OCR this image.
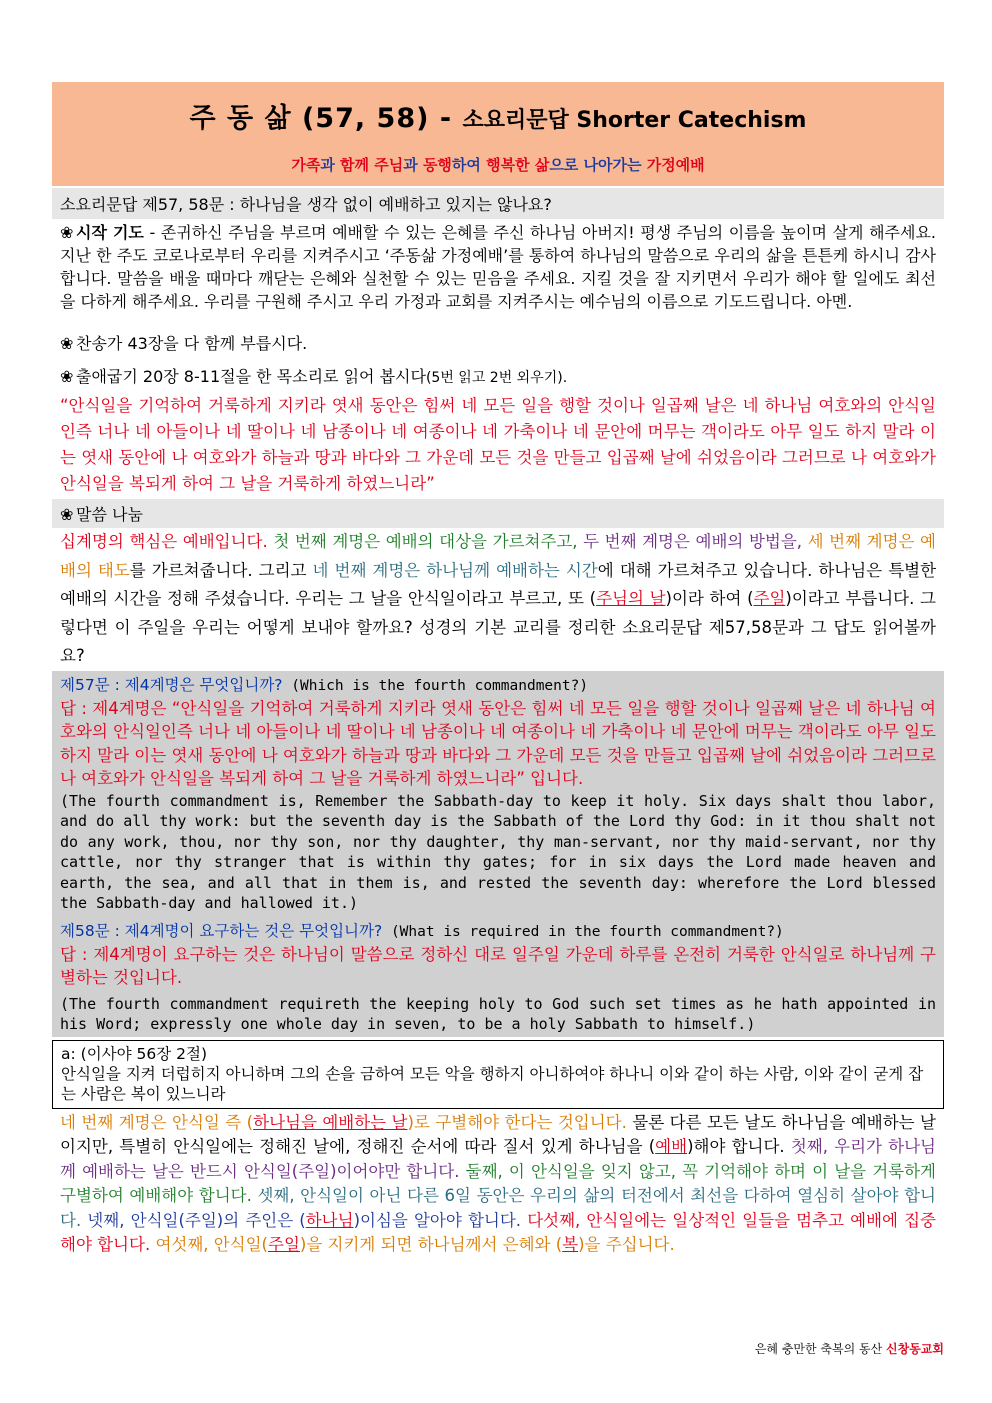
주 동 삶 (57, 58) - 소요리문답 Shorter Catechism
가족과 함께 주님과 동행하여 행복한 삶으로 나아가는 가정예배
소요리문답 제57, 58문 : 하나님을 생각 없이 예배하고 있지는 않나요?
❀ 시작 기도 - 존귀하신 주님을 부르며 예배할 수 있는 은혜를 주신 하나님 아버지! 평생 주님의 이름을 높이며 살게 해주세요. 지난 한 주도 코로나로부터 우리를 지켜주시고 ‘주동삶 가정예배’를 통하여 하나님의 말씀으로 우리의 삶을 튼튼케 하시니 감사합니다. 말씀을 배울 때마다 깨닫는 은혜와 실천할 수 있는 믿음을 주세요. 지킬 것을 잘 지키면서 우리가 해야 할 일에도 최선을 다하게 해주세요. 우리를 구원해 주시고 우리 가정과 교회를 지켜주시는 예수님의 이름으로 기도드립니다. 아멘.
❀ 찬송가 43장을 다 함께 부릅시다.
❀ 출애굽기 20장 8-11절을 한 목소리로 읽어 봅시다(5번 읽고 2번 외우기).
“안식일을 기억하여 거룩하게 지키라 엿새 동안은 힘써 네 모든 일을 행할 것이나 일곱째 날은 네 하나님 여호와의 안식일인즉 너나 네 아들이나 네 딸이나 네 남종이나 네 여종이나 네 가축이나 네 문안에 머무는 객이라도 아무 일도 하지 말라 이는 엿새 동안에 나 여호와가 하늘과 땅과 바다와 그 가운데 모든 것을 만들고 입곱째 날에 쉬었음이라 그러므로 나 여호와가 안식일을 복되게 하여 그 날을 거룩하게 하였느니라”
❀ 말씀 나눔
십계명의 핵심은 예배입니다. 첫 번째 계명은 예배의 대상을 가르쳐주고, 두 번째 계명은 예배의 방법을, 세 번째 계명은 예배의 태도를 가르쳐줍니다. 그리고 네 번째 계명은 하나님께 예배하는 시간에 대해 가르쳐주고 있습니다. 하나님은 특별한 예배의 시간을 정해 주셨습니다. 우리는 그 날을 안식일이라고 부르고, 또 (주님의 날)이라 하여 (주일)이라고 부릅니다. 그렇다면 이 주일을 우리는 어떻게 보내야 할까요? 성경의 기본 교리를 정리한 소요리문답 제57,58문과 그 답도 읽어볼까요?
제57문 : 제4계명은 무엇입니까? (Which is the fourth commandment?)
답 : 제4계명은 “안식일을 기억하여 거룩하게 지키라 엿새 동안은 힘써 네 모든 일을 행할 것이나 일곱째 날은 네 하나님 여호와의 안식일인즉 너나 네 아들이나 네 딸이나 네 남종이나 네 여종이나 네 가축이나 네 문안에 머무는 객이라도 아무 일도 하지 말라 이는 엿새 동안에 나 여호와가 하늘과 땅과 바다와 그 가운데 모든 것을 만들고 입곱째 날에 쉬었음이라 그러므로 나 여호와가 안식일을 복되게 하여 그 날을 거룩하게 하였느니라” 입니다.
(The fourth commandment is, Remember the Sabbath-day to keep it holy. Six days shalt thou labor, and do all thy work: but the seventh day is the Sabbath of the Lord thy God: in it thou shalt not do any work, thou, nor thy son, nor thy daughter, thy man-servant, nor thy maid-servant, nor thy cattle, nor thy stranger that is within thy gates; for in six days the Lord made heaven and earth, the sea, and all that in them is, and rested the seventh day: wherefore the Lord blessed the Sabbath-day and hallowed it.)
제58문 : 제4계명이 요구하는 것은 무엇입니까? (What is required in the fourth commandment?)
답 : 제4계명이 요구하는 것은 하나님이 말씀으로 정하신 대로 일주일 가운데 하루를 온전히 거룩한 안식일로 하나님께 구별하는 것입니다.
(The fourth commandment requireth the keeping holy to God such set times as he hath appointed in his Word; expressly one whole day in seven, to be a holy Sabbath to himself.)
a: (이사야 56장 2절)
안식일을 지켜 더럽히지 아니하며 그의 손을 금하여 모든 악을 행하지 아니하여야 하나니 이와 같이 하는 사람, 이와 같이 굳게 잡는 사람은 복이 있느니라
네 번째 계명은 안식일 즉 (하나님을 예배하는 날)로 구별해야 한다는 것입니다. 물론 다른 모든 날도 하나님을 예배하는 날이지만, 특별히 안식일에는 정해진 날에, 정해진 순서에 따라 질서 있게 하나님을 (예배)해야 합니다. 첫째, 우리가 하나님께 예배하는 날은 반드시 안식일(주일)이어야만 합니다. 둘째, 이 안식일을 잊지 않고, 꼭 기억해야 하며 이 날을 거룩하게 구별하여 예배해야 합니다. 셋째, 안식일이 아닌 다른 6일 동안은 우리의 삶의 터전에서 최선을 다하여 열심히 살아야 합니다. 넷째, 안식일(주일)의 주인은 (하나님)이심을 알아야 합니다. 다섯째, 안식일에는 일상적인 일들을 멈추고 예배에 집중해야 합니다. 여섯째, 안식일(주일)을 지키게 되면 하나님께서 은혜와 (복)을 주십니다.
은혜 충만한 축복의 동산 신창동교회
